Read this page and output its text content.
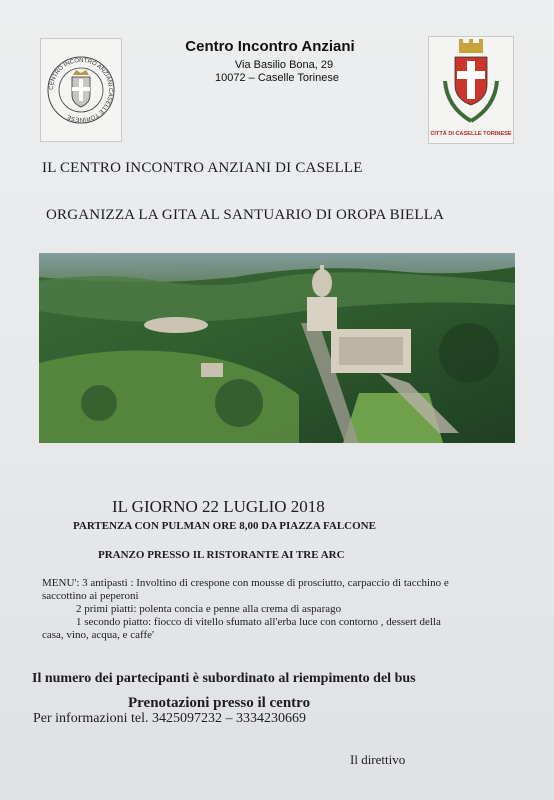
CENTRO INCONTRO ANZIANI CASELLE TORINESE
Centro Incontro Anziani
Via Basilio Bona, 29
10072 – Caselle Torinese
CITTÀ DI CASELLE TORINESE
IL CENTRO INCONTRO ANZIANI DI CASELLE
ORGANIZZA LA GITA AL SANTUARIO DI OROPA BIELLA
IL GIORNO 22 LUGLIO 2018
PARTENZA CON PULMAN ORE 8,00 DA PIAZZA FALCONE
PRANZO PRESSO IL RISTORANTE AI TRE ARC

MENU': 3 antipasti : Involtino di crespone con mousse di prosciutto, carpaccio di tacchino e

saccottino ai peperoni

2 primi piatti: polenta concia e penne alla crema di asparago

1 secondo piatto: fiocco di vitello sfumato all'erba luce con contorno , dessert della

casa, vino, acqua, e caffe'

Il numero dei partecipanti è subordinato al riempimento del bus
Prenotazioni presso il centro
Per informazioni tel. 3425097232 – 3334230669
Il direttivo
